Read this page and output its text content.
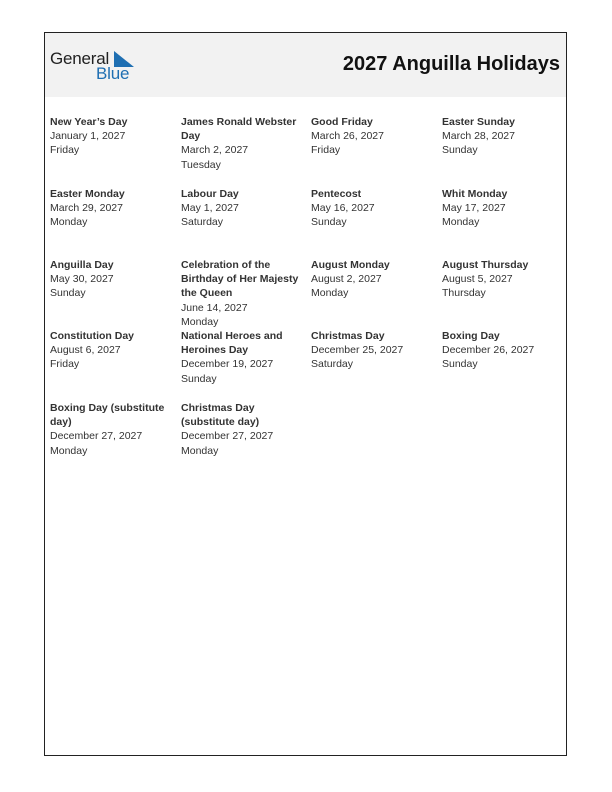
General
Blue	2027 Anguilla Holidays
New Year’s Day
January 1, 2027
Friday
James Ronald Webster Day
March 2, 2027
Tuesday
Good Friday
March 26, 2027
Friday
Easter Sunday
March 28, 2027
Sunday
Easter Monday
March 29, 2027
Monday
Labour Day
May 1, 2027
Saturday
Pentecost
May 16, 2027
Sunday
Whit Monday
May 17, 2027
Monday
Anguilla Day
May 30, 2027
Sunday
Celebration of the Birthday of Her Majesty the Queen
June 14, 2027
Monday
August Monday
August 2, 2027
Monday
August Thursday
August 5, 2027
Thursday
Constitution Day
August 6, 2027
Friday
National Heroes and Heroines Day
December 19, 2027
Sunday
Christmas Day
December 25, 2027
Saturday
Boxing Day
December 26, 2027
Sunday
Boxing Day (substitute day)
December 27, 2027
Monday
Christmas Day (substitute day)
December 27, 2027
Monday
